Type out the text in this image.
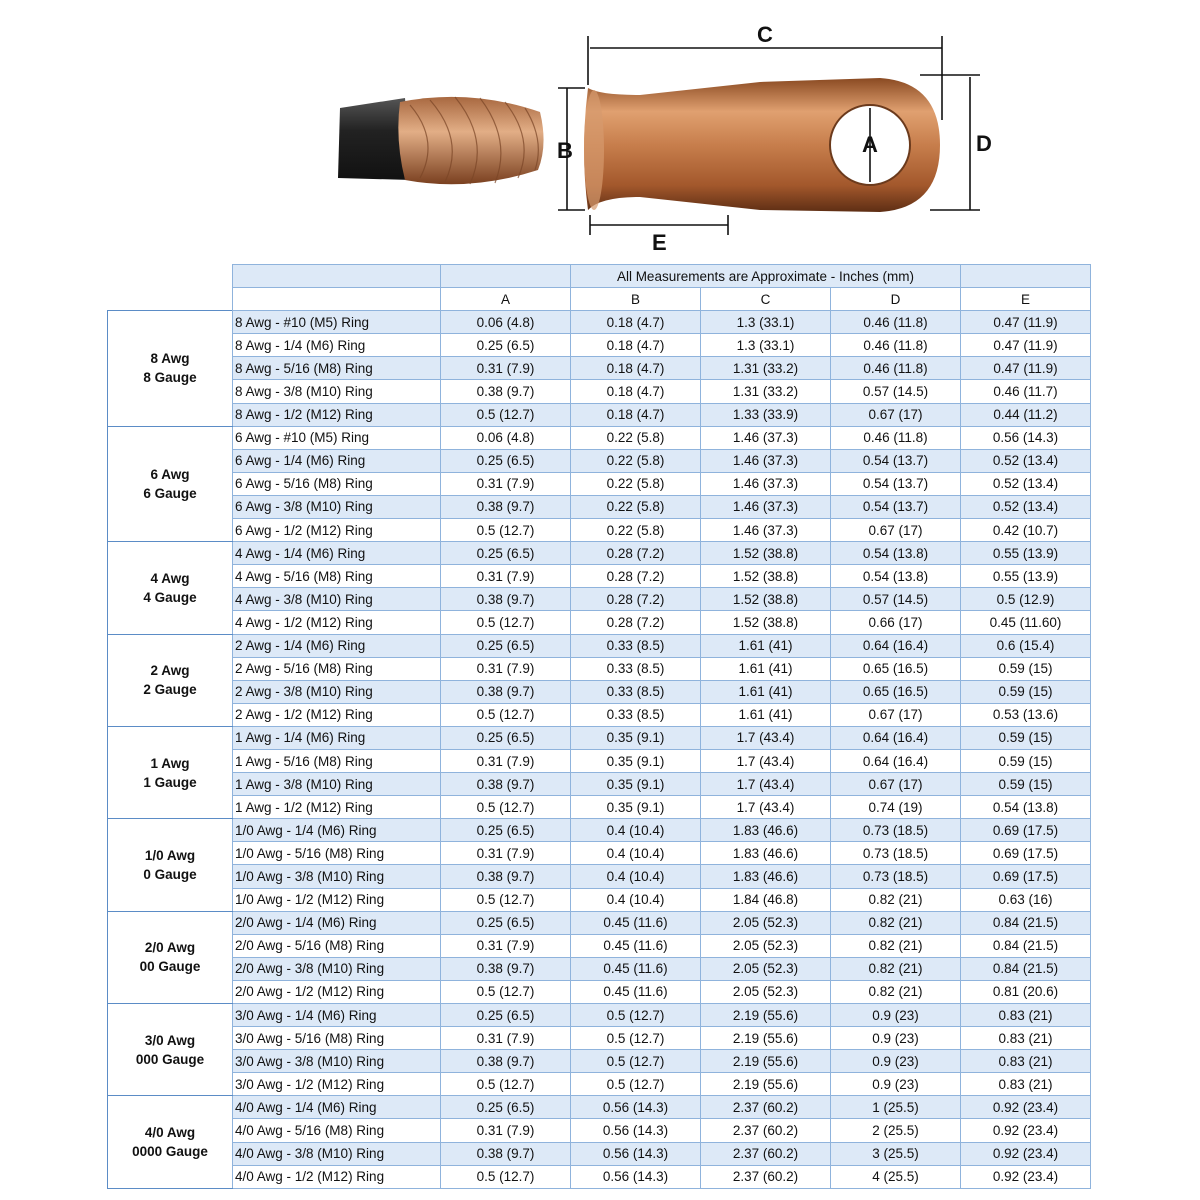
C
B
E
D
A
			All Measurements are Approximate - Inches (mm)			
		A	B	C	D	E

8 Awg
8 Gauge	8 Awg - #10 (M5) Ring	0.06 (4.8)	0.18 (4.7)	1.3 (33.1)	0.46 (11.8)	0.47 (11.9)
	8 Awg - 1/4 (M6) Ring	0.25 (6.5)	0.18 (4.7)	1.3 (33.1)	0.46 (11.8)	0.47 (11.9)
	8 Awg - 5/16 (M8) Ring	0.31 (7.9)	0.18 (4.7)	1.31 (33.2)	0.46 (11.8)	0.47 (11.9)
	8 Awg - 3/8 (M10) Ring	0.38 (9.7)	0.18 (4.7)	1.31 (33.2)	0.57 (14.5)	0.46 (11.7)
	8 Awg - 1/2 (M12) Ring	0.5 (12.7)	0.18 (4.7)	1.33 (33.9)	0.67 (17)	0.44 (11.2)

6 Awg
6 Gauge	6 Awg - #10 (M5) Ring	0.06 (4.8)	0.22 (5.8)	1.46 (37.3)	0.46 (11.8)	0.56 (14.3)
	6 Awg - 1/4 (M6) Ring	0.25 (6.5)	0.22 (5.8)	1.46 (37.3)	0.54 (13.7)	0.52 (13.4)
	6 Awg - 5/16 (M8) Ring	0.31 (7.9)	0.22 (5.8)	1.46 (37.3)	0.54 (13.7)	0.52 (13.4)
	6 Awg - 3/8 (M10) Ring	0.38 (9.7)	0.22 (5.8)	1.46 (37.3)	0.54 (13.7)	0.52 (13.4)
	6 Awg - 1/2 (M12) Ring	0.5 (12.7)	0.22 (5.8)	1.46 (37.3)	0.67 (17)	0.42 (10.7)

4 Awg
4 Gauge	4 Awg - 1/4 (M6) Ring	0.25 (6.5)	0.28 (7.2)	1.52 (38.8)	0.54 (13.8)	0.55 (13.9)
	4 Awg - 5/16 (M8) Ring	0.31 (7.9)	0.28 (7.2)	1.52 (38.8)	0.54 (13.8)	0.55 (13.9)
	4 Awg - 3/8 (M10) Ring	0.38 (9.7)	0.28 (7.2)	1.52 (38.8)	0.57 (14.5)	0.5 (12.9)
	4 Awg - 1/2 (M12) Ring	0.5 (12.7)	0.28 (7.2)	1.52 (38.8)	0.66 (17)	0.45 (11.60)

2 Awg
2 Gauge	2 Awg - 1/4 (M6) Ring	0.25 (6.5)	0.33 (8.5)	1.61 (41)	0.64 (16.4)	0.6 (15.4)
	2 Awg - 5/16 (M8) Ring	0.31 (7.9)	0.33 (8.5)	1.61 (41)	0.65 (16.5)	0.59 (15)
	2 Awg - 3/8 (M10) Ring	0.38 (9.7)	0.33 (8.5)	1.61 (41)	0.65 (16.5)	0.59 (15)
	2 Awg - 1/2 (M12) Ring	0.5 (12.7)	0.33 (8.5)	1.61 (41)	0.67 (17)	0.53 (13.6)

1 Awg
1 Gauge	1 Awg - 1/4 (M6) Ring	0.25 (6.5)	0.35 (9.1)	1.7 (43.4)	0.64 (16.4)	0.59 (15)
	1 Awg - 5/16 (M8) Ring	0.31 (7.9)	0.35 (9.1)	1.7 (43.4)	0.64 (16.4)	0.59 (15)
	1 Awg - 3/8 (M10) Ring	0.38 (9.7)	0.35 (9.1)	1.7 (43.4)	0.67 (17)	0.59 (15)
	1 Awg - 1/2 (M12) Ring	0.5 (12.7)	0.35 (9.1)	1.7 (43.4)	0.74 (19)	0.54 (13.8)

1/0 Awg
0 Gauge	1/0 Awg - 1/4 (M6) Ring	0.25 (6.5)	0.4 (10.4)	1.83 (46.6)	0.73 (18.5)	0.69 (17.5)
	1/0 Awg - 5/16 (M8) Ring	0.31 (7.9)	0.4 (10.4)	1.83 (46.6)	0.73 (18.5)	0.69 (17.5)
	1/0 Awg - 3/8 (M10) Ring	0.38 (9.7)	0.4 (10.4)	1.83 (46.6)	0.73 (18.5)	0.69 (17.5)
	1/0 Awg - 1/2 (M12) Ring	0.5 (12.7)	0.4 (10.4)	1.84 (46.8)	0.82 (21)	0.63 (16)

2/0 Awg
00 Gauge	2/0 Awg - 1/4 (M6) Ring	0.25 (6.5)	0.45 (11.6)	2.05 (52.3)	0.82 (21)	0.84 (21.5)
	2/0 Awg - 5/16 (M8) Ring	0.31 (7.9)	0.45 (11.6)	2.05 (52.3)	0.82 (21)	0.84 (21.5)
	2/0 Awg - 3/8 (M10) Ring	0.38 (9.7)	0.45 (11.6)	2.05 (52.3)	0.82 (21)	0.84 (21.5)
	2/0 Awg - 1/2 (M12) Ring	0.5 (12.7)	0.45 (11.6)	2.05 (52.3)	0.82 (21)	0.81 (20.6)

3/0 Awg
000 Gauge	3/0 Awg - 1/4 (M6) Ring	0.25 (6.5)	0.5 (12.7)	2.19 (55.6)	0.9 (23)	0.83 (21)
	3/0 Awg - 5/16 (M8) Ring	0.31 (7.9)	0.5 (12.7)	2.19 (55.6)	0.9 (23)	0.83 (21)
	3/0 Awg - 3/8 (M10) Ring	0.38 (9.7)	0.5 (12.7)	2.19 (55.6)	0.9 (23)	0.83 (21)
	3/0 Awg - 1/2 (M12) Ring	0.5 (12.7)	0.5 (12.7)	2.19 (55.6)	0.9 (23)	0.83 (21)

4/0 Awg
0000 Gauge	4/0 Awg - 1/4 (M6) Ring	0.25 (6.5)	0.56 (14.3)	2.37 (60.2)	1 (25.5)	0.92 (23.4)
	4/0 Awg - 5/16 (M8) Ring	0.31 (7.9)	0.56 (14.3)	2.37 (60.2)	2 (25.5)	0.92 (23.4)
	4/0 Awg - 3/8 (M10) Ring	0.38 (9.7)	0.56 (14.3)	2.37 (60.2)	3 (25.5)	0.92 (23.4)
	4/0 Awg - 1/2 (M12) Ring	0.5 (12.7)	0.56 (14.3)	2.37 (60.2)	4 (25.5)	0.92 (23.4)
